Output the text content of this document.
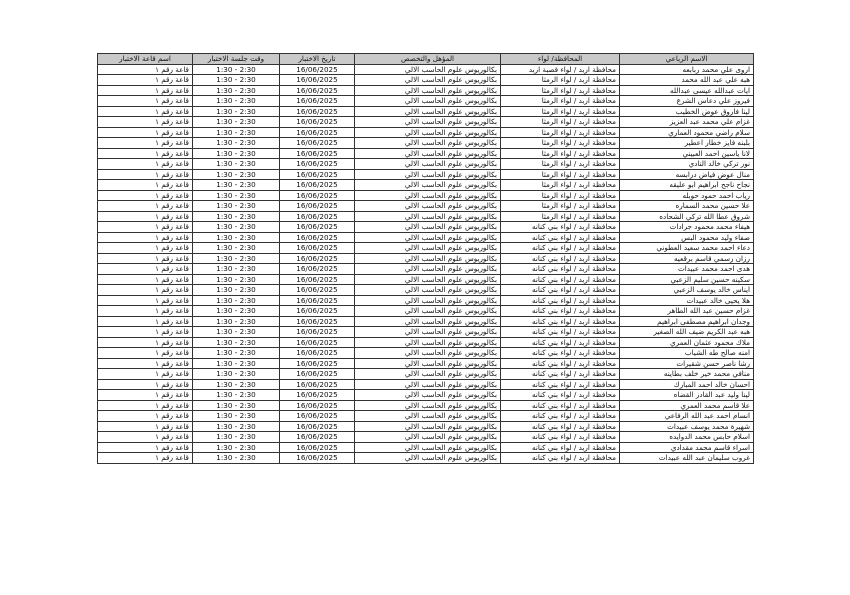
الاسم الرباعي	المحافظة/ لواء	المؤهل والتخصص	تاريخ الاختبار	وقت جلسة الاختبار	اسم قاعة الاختبار
اروى علي محمد ربابعه	محافظة اربد / لواء قصبة اربد	بكالوريوس علوم الحاسب الالي	16/06/2025	1:30 - 2:30	قاعة رقم ١
هبه علي عبد الله محمد	محافظة اربد / لواء الرمثا	بكالوريوس علوم الحاسب الالي	16/06/2025	1:30 - 2:30	قاعة رقم ١
ايات عبدالله عيسى عبدالله	محافظة اربد / لواء الرمثا	بكالوريوس علوم الحاسب الالي	16/06/2025	1:30 - 2:30	قاعة رقم ١
فيروز علي دعاس الشرع	محافظة اربد / لواء الرمثا	بكالوريوس علوم الحاسب الالي	16/06/2025	1:30 - 2:30	قاعة رقم ١
لينا فاروق عوض الخطيب	محافظة اربد / لواء الرمثا	بكالوريوس علوم الحاسب الالي	16/06/2025	1:30 - 2:30	قاعة رقم ١
غزام علي محمد عبد العزيز	محافظة اربد / لواء الرمثا	بكالوريوس علوم الحاسب الالي	16/06/2025	1:30 - 2:30	قاعة رقم ١
سلام راضي محمود العماري	محافظة اربد / لواء الرمثا	بكالوريوس علوم الحاسب الالي	16/06/2025	1:30 - 2:30	قاعة رقم ١
بلبنه فايز خطار اعطير	محافظة اربد / لواء الرمثا	بكالوريوس علوم الحاسب الالي	16/06/2025	1:30 - 2:30	قاعة رقم ١
لانا ياسين احمد العبيني	محافظة اربد / لواء الرمثا	بكالوريوس علوم الحاسب الالي	16/06/2025	1:30 - 2:30	قاعة رقم ١
نور تركي خالد النادي	محافظة اربد / لواء الرمثا	بكالوريوس علوم الحاسب الالي	16/06/2025	1:30 - 2:30	قاعة رقم ١
منال عوض فياض درابسه	محافظة اربد / لواء الرمثا	بكالوريوس علوم الحاسب الالي	16/06/2025	1:30 - 2:30	قاعة رقم ١
نجاح ناجح ابراهيم ابو عليقه	محافظة اربد / لواء الرمثا	بكالوريوس علوم الحاسب الالي	16/06/2025	1:30 - 2:30	قاعة رقم ١
رياب احمد حمود حوبله	محافظة اربد / لواء الرمثا	بكالوريوس علوم الحاسب الالي	16/06/2025	1:30 - 2:30	قاعة رقم ١
علا حسين محمد السماره	محافظة اربد / لواء الرمثا	بكالوريوس علوم الحاسب الالي	16/06/2025	1:30 - 2:30	قاعة رقم ١
شروق عطا الله تركي الشحاده	محافظة اربد / لواء الرمثا	بكالوريوس علوم الحاسب الالي	16/06/2025	1:30 - 2:30	قاعة رقم ١
هيفاء محمد محمود جرادات	محافظة اربد / لواء بني كنانه	بكالوريوس علوم الحاسب الالي	16/06/2025	1:30 - 2:30	قاعة رقم ١
صفاء وليد محمود البس	محافظة اربد / لواء بني كنانه	بكالوريوس علوم الحاسب الالي	16/06/2025	1:30 - 2:30	قاعة رقم ١
دعاء احمد محمد سعيد العطوني	محافظة اربد / لواء بني كنانه	بكالوريوس علوم الحاسب الالي	16/06/2025	1:30 - 2:30	قاعة رقم ١
رزان رسمي قاسم برقعيه	محافظة اربد / لواء بني كنانه	بكالوريوس علوم الحاسب الالي	16/06/2025	1:30 - 2:30	قاعة رقم ١
هدى احمد محمد عبيدات	محافظة اربد / لواء بني كنانه	بكالوريوس علوم الحاسب الالي	16/06/2025	1:30 - 2:30	قاعة رقم ١
سكينه حسين سليم الزعبي	محافظة اربد / لواء بني كنانه	بكالوريوس علوم الحاسب الالي	16/06/2025	1:30 - 2:30	قاعة رقم ١
ايناس خالد يوسف الزعبي	محافظة اربد / لواء بني كنانه	بكالوريوس علوم الحاسب الالي	16/06/2025	1:30 - 2:30	قاعة رقم ١
هلا يحيى خالد عبيدات	محافظة اربد / لواء بني كنانه	بكالوريوس علوم الحاسب الالي	16/06/2025	1:30 - 2:30	قاعة رقم ١
غزام حسين عبد الله الطاهر	محافظة اربد / لواء بني كنانه	بكالوريوس علوم الحاسب الالي	16/06/2025	1:30 - 2:30	قاعة رقم ١
وجدان ابراهيم مصطفى ابراهيم	محافظة اربد / لواء بني كنانه	بكالوريوس علوم الحاسب الالي	16/06/2025	1:30 - 2:30	قاعة رقم ١
هبه عبد الكريم ضيف الله الصغير	محافظة اربد / لواء بني كنانه	بكالوريوس علوم الحاسب الالي	16/06/2025	1:30 - 2:30	قاعة رقم ١
ملاك محمود عثمان العمري	محافظة اربد / لواء بني كنانه	بكالوريوس علوم الحاسب الالي	16/06/2025	1:30 - 2:30	قاعة رقم ١
امنه صالح طه الشياب	محافظة اربد / لواء بني كنانه	بكالوريوس علوم الحاسب الالي	16/06/2025	1:30 - 2:30	قاعة رقم ١
رشا ناصر حسن شقيرات	محافظة اربد / لواء بني كنانه	بكالوريوس علوم الحاسب الالي	16/06/2025	1:30 - 2:30	قاعة رقم ١
منافي محمد خير خلف بطاينه	محافظة اربد / لواء بني كنانه	بكالوريوس علوم الحاسب الالي	16/06/2025	1:30 - 2:30	قاعة رقم ١
احسان خالد احمد المبارك	محافظة اربد / لواء بني كنانه	بكالوريوس علوم الحاسب الالي	16/06/2025	1:30 - 2:30	قاعة رقم ١
لينا وليد عبد القادر القضاه	محافظة اربد / لواء بني كنانه	بكالوريوس علوم الحاسب الالي	16/06/2025	1:30 - 2:30	قاعة رقم ١
علا قاسم محمد العمري	محافظة اربد / لواء بني كنانه	بكالوريوس علوم الحاسب الالي	16/06/2025	1:30 - 2:30	قاعة رقم ١
انسام احمد عبد الله الرفاعي	محافظة اربد / لواء بني كنانه	بكالوريوس علوم الحاسب الالي	16/06/2025	1:30 - 2:30	قاعة رقم ١
شهيرة محمد يوسف عبيدات	محافظة اربد / لواء بني كنانه	بكالوريوس علوم الحاسب الالي	16/06/2025	1:30 - 2:30	قاعة رقم ١
اسلام حابس محمد الدوايده	محافظة اربد / لواء بني كنانه	بكالوريوس علوم الحاسب الالي	16/06/2025	1:30 - 2:30	قاعة رقم ١
اسراء قاسم محمد مقدادي	محافظة اربد / لواء بني كنانه	بكالوريوس علوم الحاسب الالي	16/06/2025	1:30 - 2:30	قاعة رقم ١
غروب سليمان عبد الله عبيدات	محافظة اربد / لواء بني كنانه	بكالوريوس علوم الحاسب الالي	16/06/2025	1:30 - 2:30	قاعة رقم ١
